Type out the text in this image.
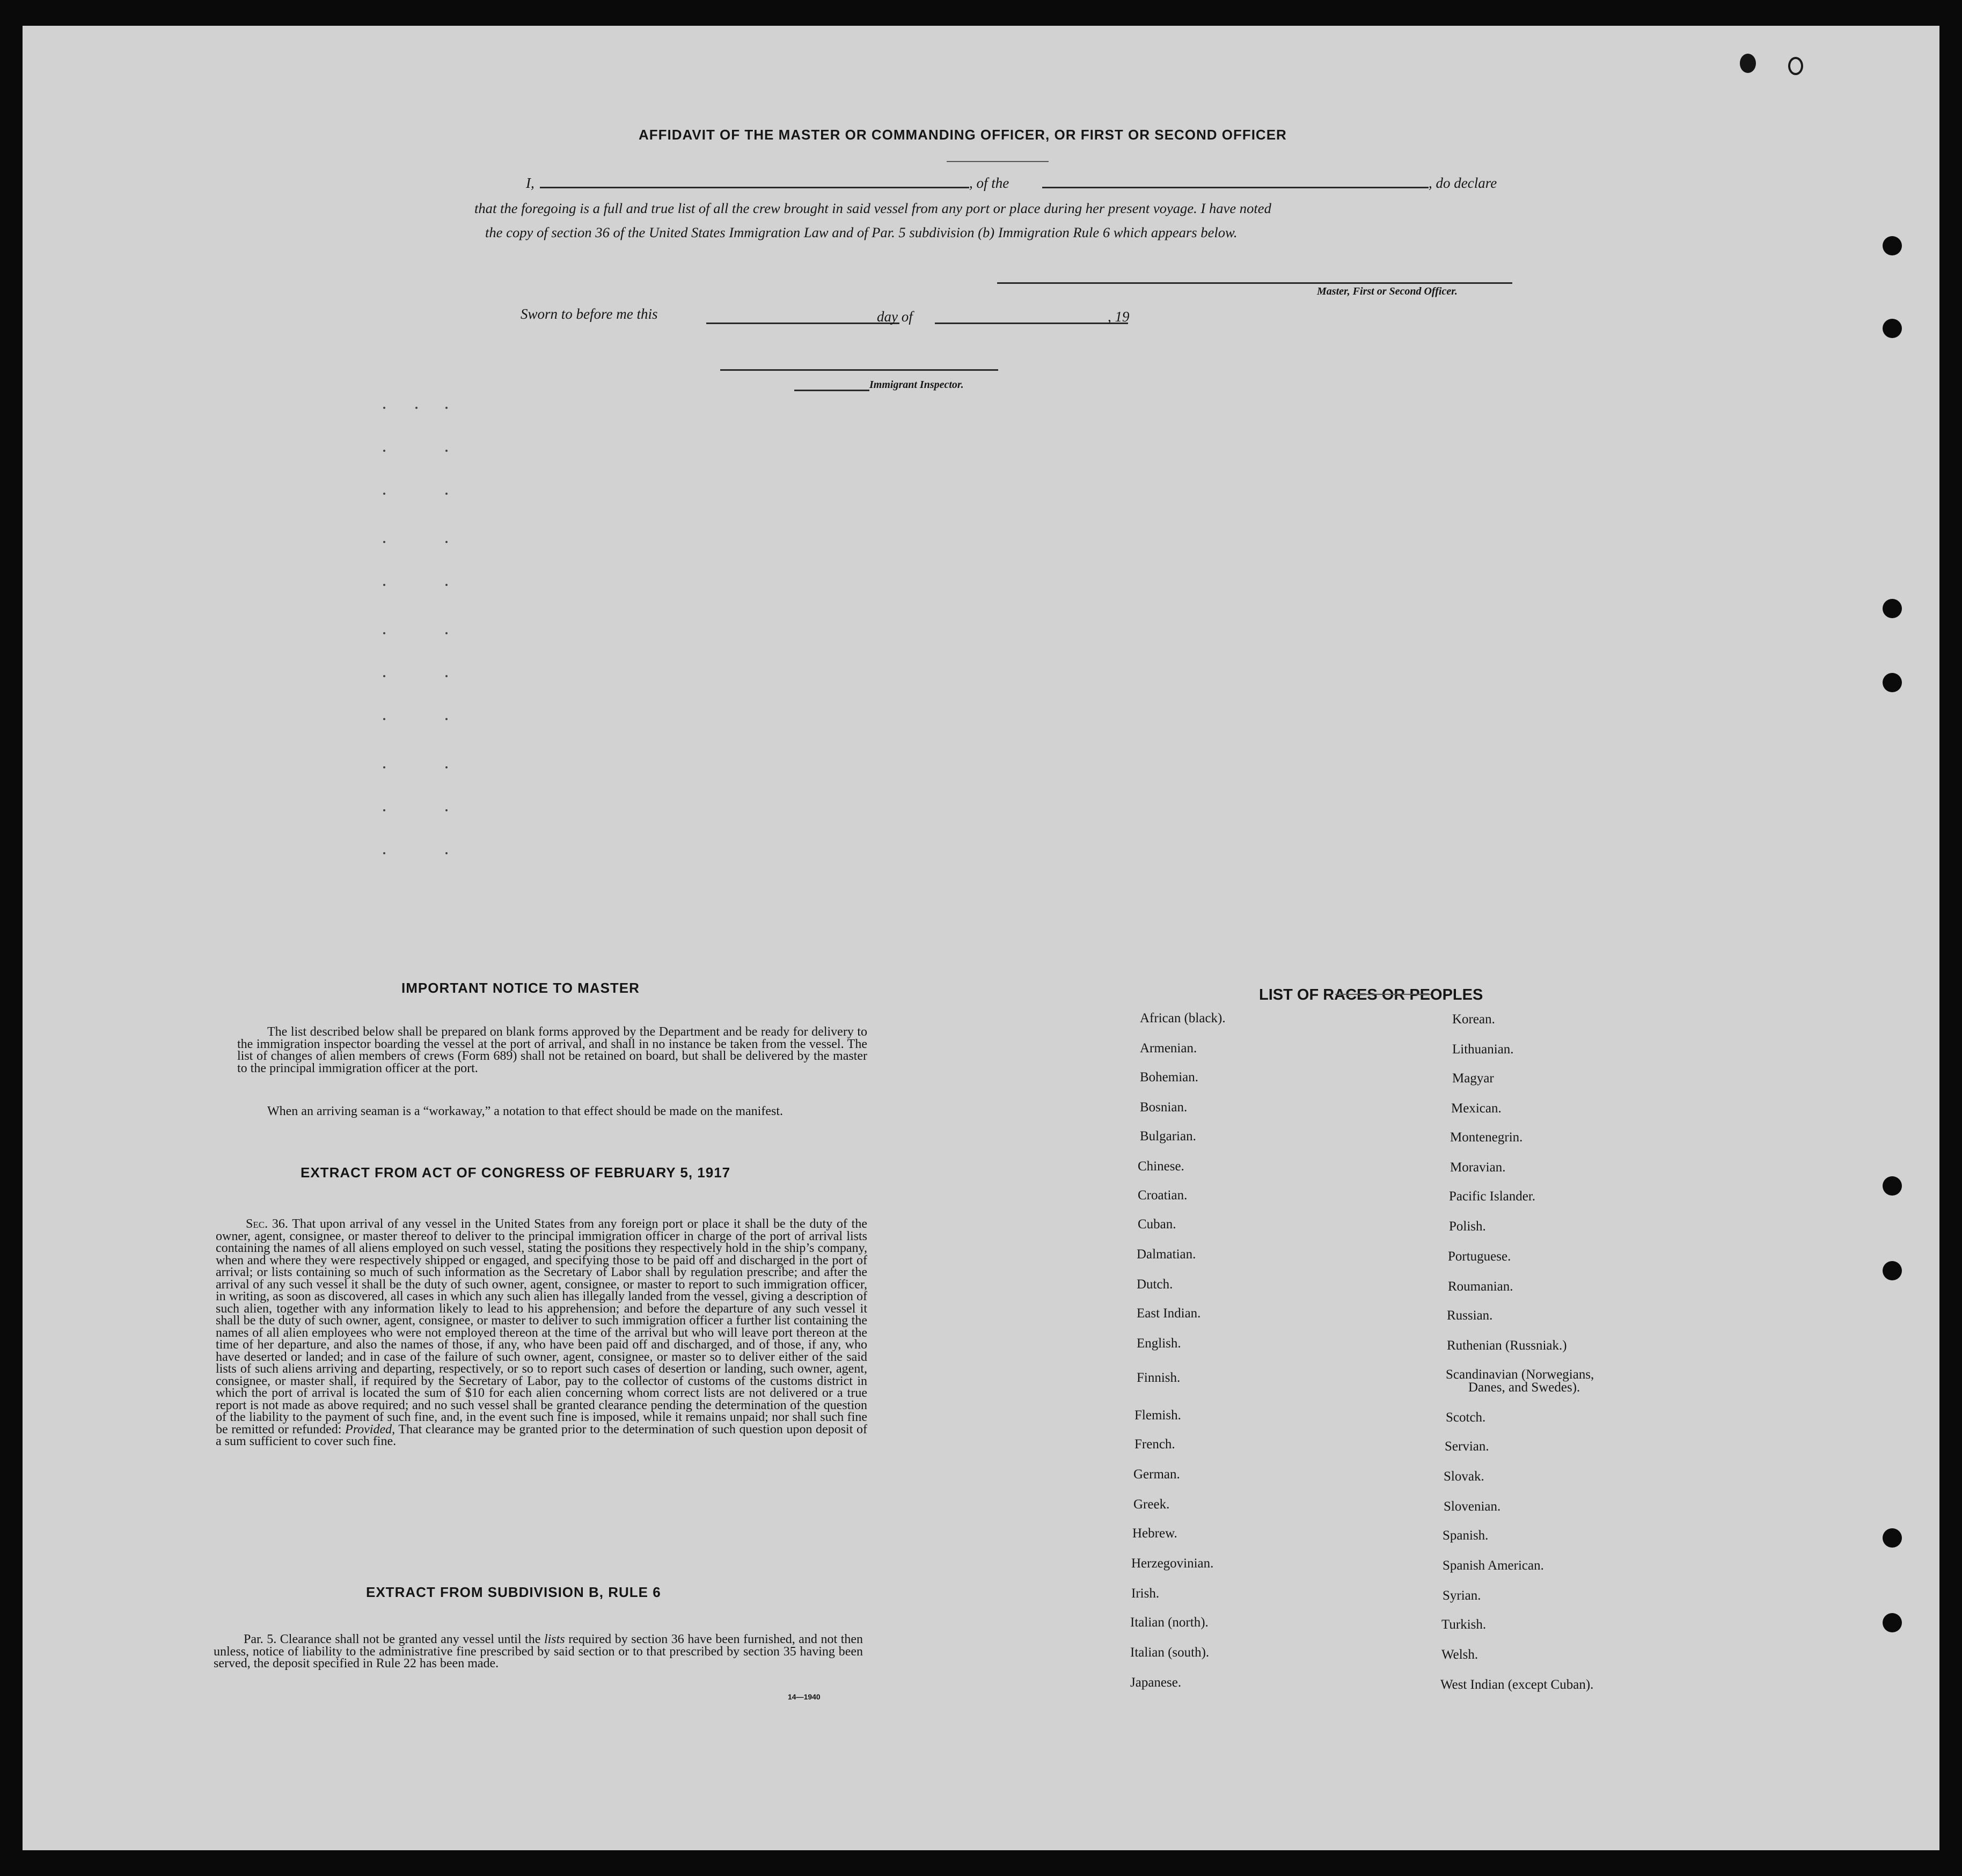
AFFIDAVIT OF THE MASTER OR COMMANDING OFFICER, OR FIRST OR SECOND OFFICER
I,	, of the	, do declare
that the foregoing is a full and true list of all the crew brought in said vessel from any port or place during her present voyage. I have noted
the copy of section 36 of the United States Immigration Law and of Par. 5 subdivision (b) Immigration Rule 6 which appears below.
Master, First or Second Officer.
Sworn to before me this	day of	, 19
Immigrant Inspector.
IMPORTANT NOTICE TO MASTER

The list described below shall be prepared on blank forms approved by the Department and be ready for delivery to the immigration inspector boarding the vessel at the port of arrival, and shall in no instance be taken from the vessel. The list of changes of alien members of crews (Form 689) shall not be retained on board, but shall be delivered by the master to the principal immigration officer at the port.

When an arriving seaman is a “workaway,” a notation to that effect should be made on the manifest.

EXTRACT FROM ACT OF CONGRESS OF FEBRUARY 5, 1917

Sec. 36. That upon arrival of any vessel in the United States from any foreign port or place it shall be the duty of the owner, agent, consignee, or master thereof to deliver to the principal immigration officer in charge of the port of arrival lists containing the names of all aliens employed on such vessel, stating the positions they respectively hold in the ship’s company, when and where they were respectively shipped or engaged, and specifying those to be paid off and discharged in the port of arrival; or lists containing so much of such information as the Secretary of Labor shall by regulation prescribe; and after the arrival of any such vessel it shall be the duty of such owner, agent, consignee, or master to report to such immigration officer, in writing, as soon as discovered, all cases in which any such alien has illegally landed from the vessel, giving a description of such alien, together with any information likely to lead to his apprehension; and before the departure of any such vessel it shall be the duty of such owner, agent, consignee, or master to deliver to such immigration officer a further list containing the names of all alien employees who were not employed thereon at the time of the arrival but who will leave port thereon at the time of her departure, and also the names of those, if any, who have been paid off and discharged, and of those, if any, who have deserted or landed; and in case of the failure of such owner, agent, consignee, or master so to deliver either of the said lists of such aliens arriving and departing, respectively, or so to report such cases of desertion or landing, such owner, agent, consignee, or master shall, if required by the Secretary of Labor, pay to the collector of customs of the customs district in which the port of arrival is located the sum of $10 for each alien concerning whom correct lists are not delivered or a true report is not made as above required; and no such vessel shall be granted clearance pending the determination of the question of the liability to the payment of such fine, and, in the event such fine is imposed, while it remains unpaid; nor shall such fine be remitted or refunded: Provided, That clearance may be granted prior to the determination of such question upon deposit of a sum sufficient to cover such fine.

EXTRACT FROM SUBDIVISION B, RULE 6

Par. 5. Clearance shall not be granted any vessel until the lists required by section 36 have been furnished, and not then unless, notice of liability to the administrative fine prescribed by said section or to that prescribed by section 35 having been served, the deposit specified in Rule 22 has been made.

14—1940
LIST OF RACES OR PEOPLES
African (black).
Armenian.
Bohemian.
Bosnian.
Bulgarian.
Chinese.
Croatian.
Cuban.
Dalmatian.
Dutch.
East Indian.
English.
Finnish.
Flemish.
French.
German.
Greek.
Hebrew.
Herzegovinian.
Irish.
Italian (north).
Italian (south).
Japanese.
Korean.
Lithuanian.
Magyar
Mexican.
Montenegrin.
Moravian.
Pacific Islander.
Polish.
Portuguese.
Roumanian.
Russian.
Ruthenian (Russniak.)
Scandinavian (Norwegians,
Danes, and Swedes).
Scotch.
Servian.
Slovak.
Slovenian.
Spanish.
Spanish American.
Syrian.
Turkish.
Welsh.
West Indian (except Cuban).
